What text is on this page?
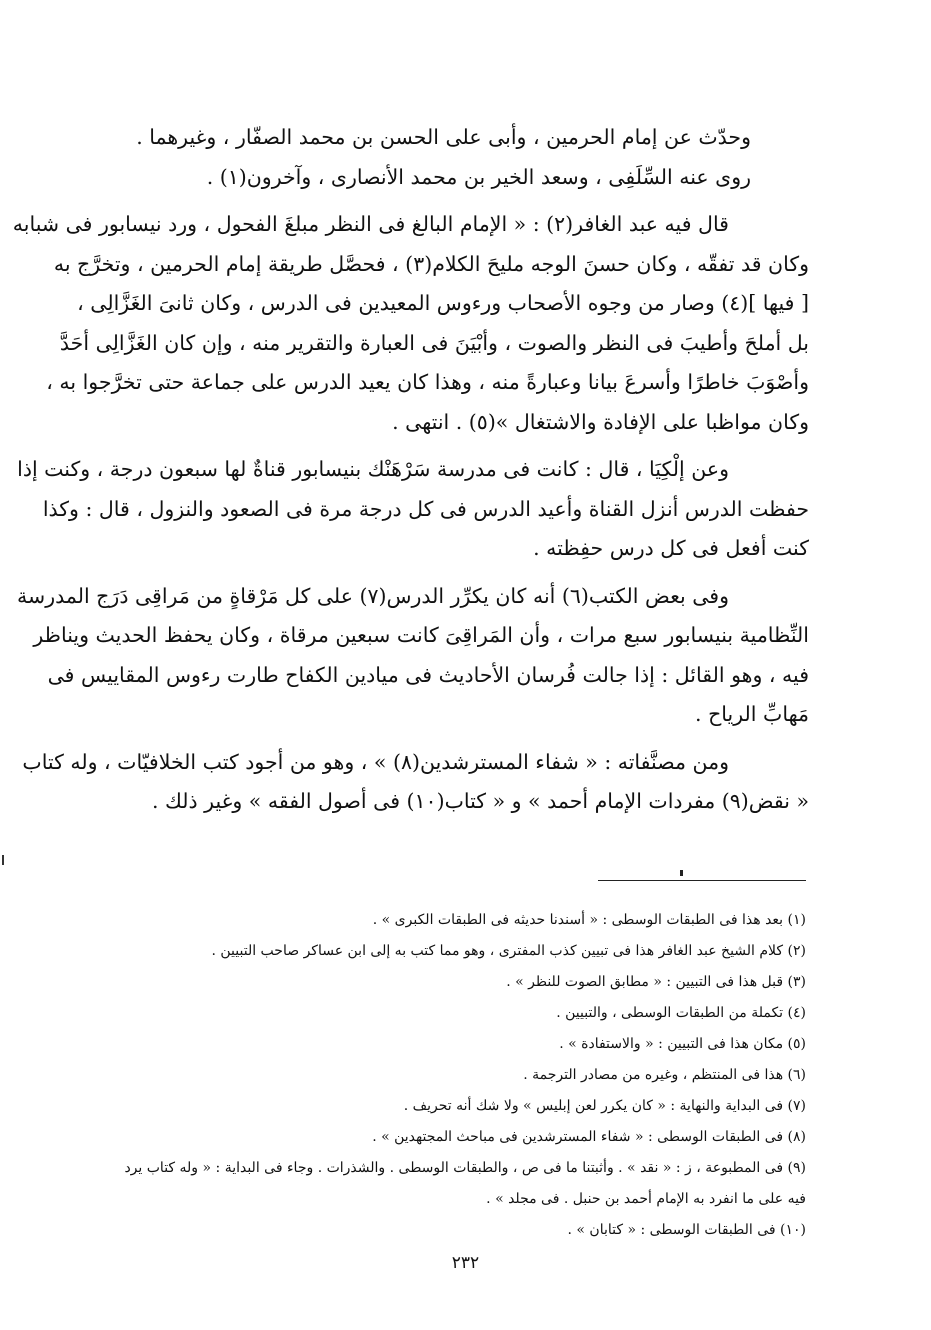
وحدّث عن إمام الحرمين ، وأبى على الحسن بن محمد الصفّار ، وغيرهما .
روى عنه السِّلَفِى ، وسعد الخير بن محمد الأنصارى ، وآخرون(١) .
قال فيه عبد الغافر(٢) : « الإمام البالغ فى النظر مبلغَ الفحول ، ورد نيسابور فى شبابه
وكان قد تفقّه ، وكان حسنَ الوجه مليحَ الكلام(٣) ، فحصَّل طريقة إمام الحرمين ، وتخرَّج به
[ فيها ](٤) وصار من وجوه الأصحاب ورءوس المعيدين فى الدرس ، وكان ثانىَ الغَزَّالِى ،
بل أملحَ وأطيبَ فى النظر والصوت ، وأبْيَنَ فى العبارة والتقرير منه ، وإن كان الغَزَّالِى أحَدَّ
وأصْوَبَ خاطرًا وأسرعَ بيانا وعبارةً منه ، وهذا كان يعيد الدرس على جماعة حتى تخرَّجوا به ،
وكان مواظبا على الإفادة والاشتغال »(٥) . انتهى .
وعن إلْكِيَا ، قال : كانت فى مدرسة سَرْهَنْك بنيسابور قناةٌ لها سبعون درجة ، وكنت إذا
حفظت الدرس أنزل القناة وأعيد الدرس فى كل درجة مرة فى الصعود والنزول ، قال : وكذا
كنت أفعل فى كل درس حفِظته .
وفى بعض الكتب(٦) أنه كان يكرِّر الدرس(٧) على كل مَرْقاةٍ من مَراقِى دَرَج المدرسة
النِّظامية بنيسابور سبع مرات ، وأن المَراقِىَ كانت سبعين مرقاة ، وكان يحفظ الحديث ويناظر
فيه ، وهو القائل : إذا جالت فُرسان الأحاديث فى ميادين الكفاح طارت رءوس المقاييس فى
مَهابِّ الرياح .
ومن مصنَّفاته : « شفاء المسترشدين(٨) » ، وهو من أجود كتب الخلافيّات ، وله كتاب
« نقض(٩) مفردات الإمام أحمد » و « كتاب(١٠) فى أصول الفقه » وغير ذلك .
(١) بعد هذا فى الطبقات الوسطى : « أسندنا حديثه فى الطبقات الكبرى » .
(٢) كلام الشيخ عبد الغافر هذا فى تبيين كذب المفترى ، وهو مما كتب به إلى ابن عساكر صاحب التبيين .
(٣) قبل هذا فى التبيين : « مطابق الصوت للنظر » .
(٤) تكملة من الطبقات الوسطى ، والتبيين .
(٥) مكان هذا فى التبيين : « والاستفادة » .
(٦) هذا فى المنتظم ، وغيره من مصادر الترجمة .
(٧) فى البداية والنهاية : « كان يكرر لعن إبليس » ولا شك أنه تحريف .
(٨) فى الطبقات الوسطى : « شفاء المسترشدين فى مباحث المجتهدين » .
(٩) فى المطبوعة ، ز : « نقد » . وأثبتنا ما فى ص ، والطبقات الوسطى . والشذرات . وجاء فى البداية : « وله كتاب يرد
فيه على ما انفرد به الإمام أحمد بن حنبل . فى مجلد » .
(١٠) فى الطبقات الوسطى : « كتابان » .
٢٣٢
